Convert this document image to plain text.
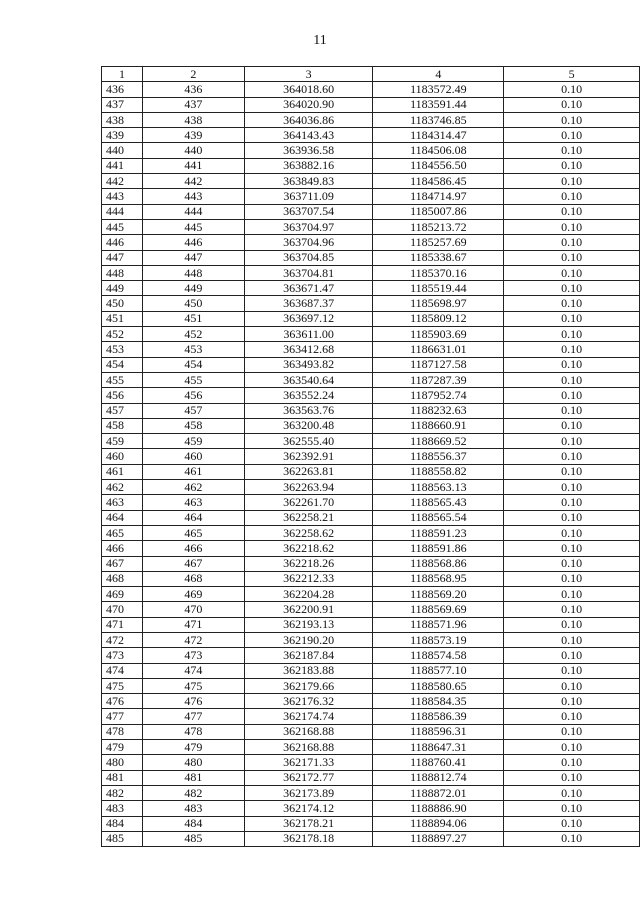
11
1	2	3	4	5
436	436	364018.60	1183572.49	0.10
437	437	364020.90	1183591.44	0.10
438	438	364036.86	1183746.85	0.10
439	439	364143.43	1184314.47	0.10
440	440	363936.58	1184506.08	0.10
441	441	363882.16	1184556.50	0.10
442	442	363849.83	1184586.45	0.10
443	443	363711.09	1184714.97	0.10
444	444	363707.54	1185007.86	0.10
445	445	363704.97	1185213.72	0.10
446	446	363704.96	1185257.69	0.10
447	447	363704.85	1185338.67	0.10
448	448	363704.81	1185370.16	0.10
449	449	363671.47	1185519.44	0.10
450	450	363687.37	1185698.97	0.10
451	451	363697.12	1185809.12	0.10
452	452	363611.00	1185903.69	0.10
453	453	363412.68	1186631.01	0.10
454	454	363493.82	1187127.58	0.10
455	455	363540.64	1187287.39	0.10
456	456	363552.24	1187952.74	0.10
457	457	363563.76	1188232.63	0.10
458	458	363200.48	1188660.91	0.10
459	459	362555.40	1188669.52	0.10
460	460	362392.91	1188556.37	0.10
461	461	362263.81	1188558.82	0.10
462	462	362263.94	1188563.13	0.10
463	463	362261.70	1188565.43	0.10
464	464	362258.21	1188565.54	0.10
465	465	362258.62	1188591.23	0.10
466	466	362218.62	1188591.86	0.10
467	467	362218.26	1188568.86	0.10
468	468	362212.33	1188568.95	0.10
469	469	362204.28	1188569.20	0.10
470	470	362200.91	1188569.69	0.10
471	471	362193.13	1188571.96	0.10
472	472	362190.20	1188573.19	0.10
473	473	362187.84	1188574.58	0.10
474	474	362183.88	1188577.10	0.10
475	475	362179.66	1188580.65	0.10
476	476	362176.32	1188584.35	0.10
477	477	362174.74	1188586.39	0.10
478	478	362168.88	1188596.31	0.10
479	479	362168.88	1188647.31	0.10
480	480	362171.33	1188760.41	0.10
481	481	362172.77	1188812.74	0.10
482	482	362173.89	1188872.01	0.10
483	483	362174.12	1188886.90	0.10
484	484	362178.21	1188894.06	0.10
485	485	362178.18	1188897.27	0.10
